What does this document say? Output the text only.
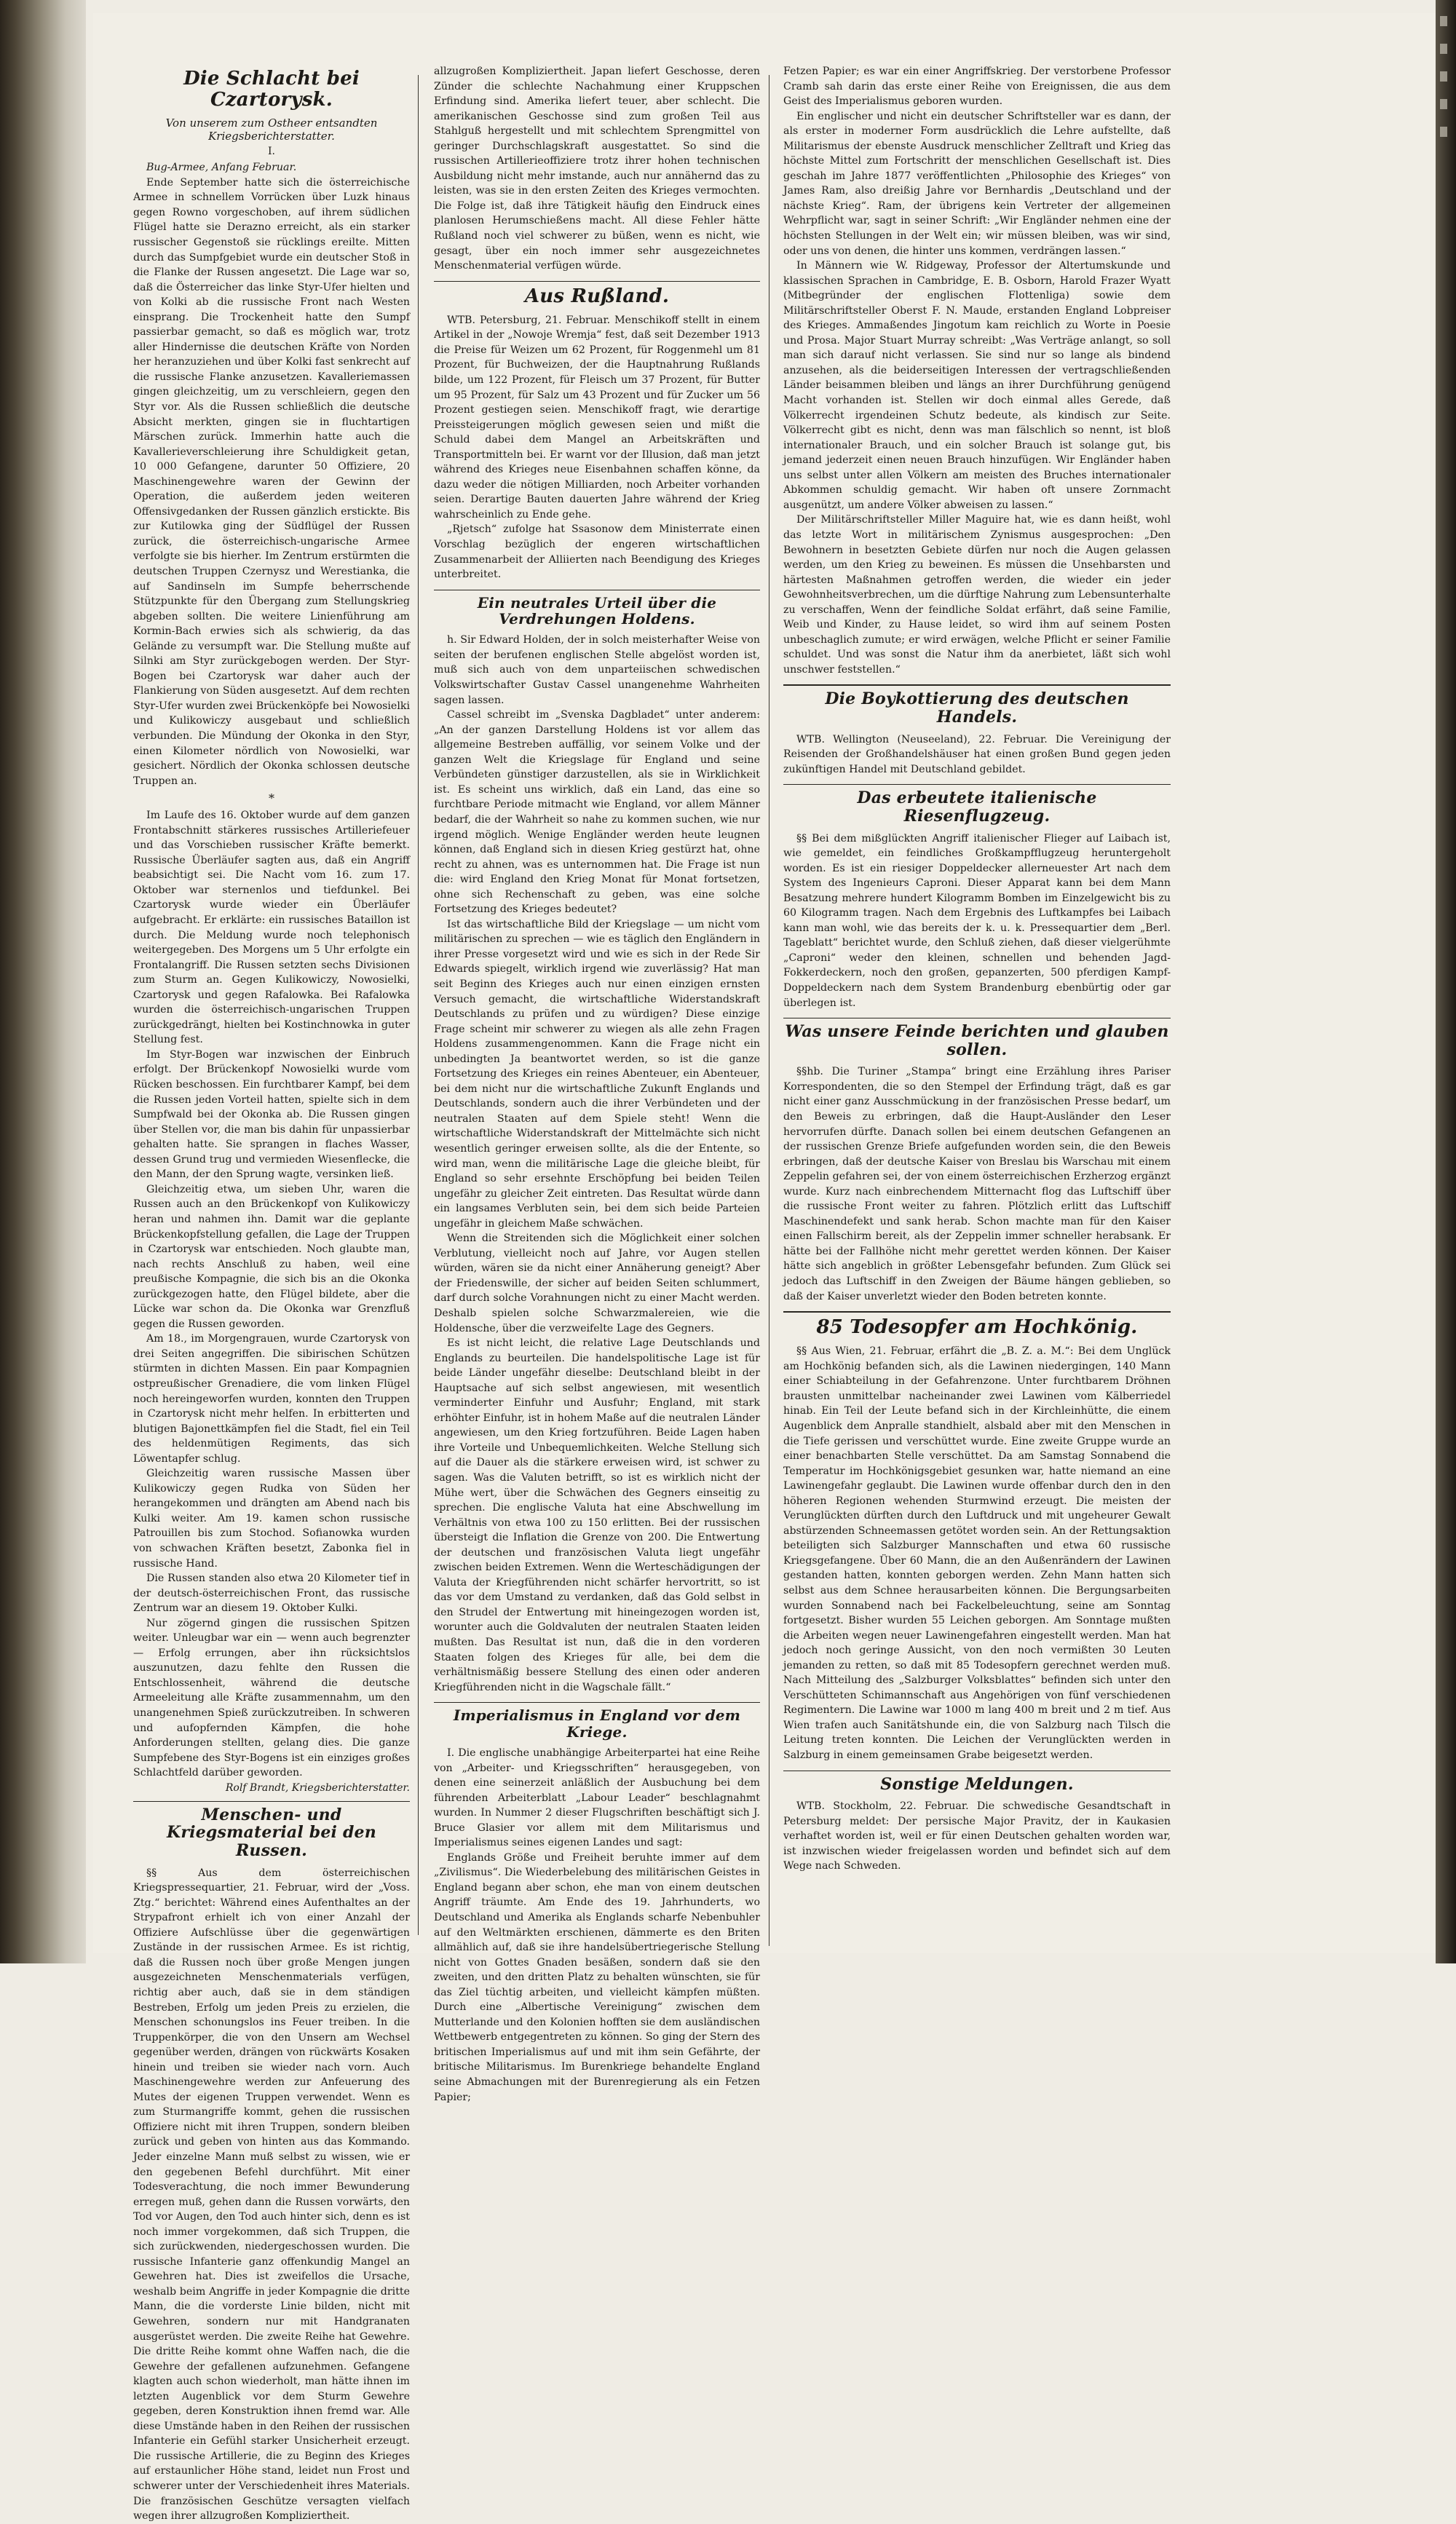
Die Schlacht bei Czartorysk.
Von unserem zum Ostheer entsandten Kriegsberichterstatter.
I.

Bug-Armee, Anfang Februar.

Ende September hatte sich die österreichische Armee in schnellem Vorrücken über Luzk hinaus gegen Rowno vorgeschoben, auf ihrem südlichen Flügel hatte sie Derazno erreicht, als ein starker russischer Gegenstoß sie rücklings ereilte. Mitten durch das Sumpfgebiet wurde ein deutscher Stoß in die Flanke der Russen angesetzt. Die Lage war so, daß die Österreicher das linke Styr-Ufer hielten und von Kolki ab die russische Front nach Westen einsprang. Die Trockenheit hatte den Sumpf passierbar gemacht, so daß es möglich war, trotz aller Hindernisse die deutschen Kräfte von Norden her heranzuziehen und über Kolki fast senkrecht auf die russische Flanke anzusetzen. Kavalleriemassen gingen gleichzeitig, um zu verschleiern, gegen den Styr vor. Als die Russen schließlich die deutsche Absicht merkten, gingen sie in fluchtartigen Märschen zurück. Immerhin hatte auch die Kavallerieverschleierung ihre Schuldigkeit getan, 10 000 Gefangene, darunter 50 Offiziere, 20 Maschinengewehre waren der Gewinn der Operation, die außerdem jeden weiteren Offensivgedanken der Russen gänzlich erstickte. Bis zur Kutilowka ging der Südflügel der Russen zurück, die österreichisch-ungarische Armee verfolgte sie bis hierher. Im Zentrum erstürmten die deutschen Truppen Czernysz und Werestianka, die auf Sandinseln im Sumpfe beherrschende Stützpunkte für den Übergang zum Stellungskrieg abgeben sollten. Die weitere Linienführung am Kormin-Bach erwies sich als schwierig, da das Gelände zu versumpft war. Die Stellung mußte auf Silnki am Styr zurückgebogen werden. Der Styr-Bogen bei Czartorysk war daher auch der Flankierung von Süden ausgesetzt. Auf dem rechten Styr-Ufer wurden zwei Brückenköpfe bei Nowosielki und Kulikowiczy ausgebaut und schließlich verbunden. Die Mündung der Okonka in den Styr, einen Kilometer nördlich von Nowosielki, war gesichert. Nördlich der Okonka schlossen deutsche Truppen an.

*

Im Laufe des 16. Oktober wurde auf dem ganzen Frontabschnitt stärkeres russisches Artilleriefeuer und das Vorschieben russischer Kräfte bemerkt. Russische Überläufer sagten aus, daß ein Angriff beabsichtigt sei. Die Nacht vom 16. zum 17. Oktober war sternenlos und tiefdunkel. Bei Czartorysk wurde wieder ein Überläufer aufgebracht. Er erklärte: ein russisches Bataillon ist durch. Die Meldung wurde noch telephonisch weitergegeben. Des Morgens um 5 Uhr erfolgte ein Frontalangriff. Die Russen setzten sechs Divisionen zum Sturm an. Gegen Kulikowiczy, Nowosielki, Czartorysk und gegen Rafalowka. Bei Rafalowka wurden die österreichisch-ungarischen Truppen zurückgedrängt, hielten bei Kostinchnowka in guter Stellung fest.

Im Styr-Bogen war inzwischen der Einbruch erfolgt. Der Brückenkopf Nowosielki wurde vom Rücken beschossen. Ein furchtbarer Kampf, bei dem die Russen jeden Vorteil hatten, spielte sich in dem Sumpfwald bei der Okonka ab. Die Russen gingen über Stellen vor, die man bis dahin für unpassierbar gehalten hatte. Sie sprangen in flaches Wasser, dessen Grund trug und vermieden Wiesenflecke, die den Mann, der den Sprung wagte, versinken ließ.

Gleichzeitig etwa, um sieben Uhr, waren die Russen auch an den Brückenkopf von Kulikowiczy heran und nahmen ihn. Damit war die geplante Brückenkopfstellung gefallen, die Lage der Truppen in Czartorysk war entschieden. Noch glaubte man, nach rechts Anschluß zu haben, weil eine preußische Kompagnie, die sich bis an die Okonka zurückgezogen hatte, den Flügel bildete, aber die Lücke war schon da. Die Okonka war Grenzfluß gegen die Russen geworden.

Am 18., im Morgengrauen, wurde Czartorysk von drei Seiten angegriffen. Die sibirischen Schützen stürmten in dichten Massen. Ein paar Kompagnien ostpreußischer Grenadiere, die vom linken Flügel noch hereingeworfen wurden, konnten den Truppen in Czartorysk nicht mehr helfen. In erbitterten und blutigen Bajonettkämpfen fiel die Stadt, fiel ein Teil des heldenmütigen Regiments, das sich Löwentapfer schlug.

Gleichzeitig waren russische Massen über Kulikowiczy gegen Rudka von Süden her herangekommen und drängten am Abend nach bis Kulki weiter. Am 19. kamen schon russische Patrouillen bis zum Stochod. Sofianowka wurden von schwachen Kräften besetzt, Zabonka fiel in russische Hand.

Die Russen standen also etwa 20 Kilometer tief in der deutsch-österreichischen Front, das russische Zentrum war an diesem 19. Oktober Kulki.

Nur zögernd gingen die russischen Spitzen weiter. Unleugbar war ein — wenn auch begrenzter — Erfolg errungen, aber ihn rücksichtslos auszunutzen, dazu fehlte den Russen die Entschlossenheit, während die deutsche Armeeleitung alle Kräfte zusammennahm, um den unangenehmen Spieß zurückzutreiben. In schweren und aufopfernden Kämpfen, die hohe Anforderungen stellten, gelang dies. Die ganze Sumpfebene des Styr-Bogens ist ein einziges großes Schlachtfeld darüber geworden.

Rolf Brandt, Kriegsberichterstatter.
Menschen- und Kriegsmaterial bei den Russen.

§§ Aus dem österreichischen Kriegspressequartier, 21. Februar, wird der „Voss. Ztg.“ berichtet: Während eines Aufenthaltes an der Strypafront erhielt ich von einer Anzahl der Offiziere Aufschlüsse über die gegenwärtigen Zustände in der russischen Armee. Es ist richtig, daß die Russen noch über große Mengen jungen ausgezeichneten Menschenmaterials verfügen, richtig aber auch, daß sie in dem ständigen Bestreben, Erfolg um jeden Preis zu erzielen, die Menschen schonungslos ins Feuer treiben. In die Truppenkörper, die von den Unsern am Wechsel gegenüber werden, drängen von rückwärts Kosaken hinein und treiben sie wieder nach vorn. Auch Maschinengewehre werden zur Anfeuerung des Mutes der eigenen Truppen verwendet. Wenn es zum Sturmangriffe kommt, gehen die russischen Offiziere nicht mit ihren Truppen, sondern bleiben zurück und geben von hinten aus das Kommando. Jeder einzelne Mann muß selbst zu wissen, wie er den gegebenen Befehl durchführt. Mit einer Todesverachtung, die noch immer Bewunderung erregen muß, gehen dann die Russen vorwärts, den Tod vor Augen, den Tod auch hinter sich, denn es ist noch immer vorgekommen, daß sich Truppen, die sich zurückwenden, niedergeschossen wurden. Die russische Infanterie ganz offenkundig Mangel an Gewehren hat. Dies ist zweifellos die Ursache, weshalb beim Angriffe in jeder Kompagnie die dritte Mann, die die vorderste Linie bilden, nicht mit Gewehren, sondern nur mit Handgranaten ausgerüstet werden. Die zweite Reihe hat Gewehre. Die dritte Reihe kommt ohne Waffen nach, die die Gewehre der gefallenen aufzunehmen. Gefangene klagten auch schon wiederholt, man hätte ihnen im letzten Augenblick vor dem Sturm Gewehre gegeben, deren Konstruktion ihnen fremd war. Alle diese Umstände haben in den Reihen der russischen Infanterie ein Gefühl starker Unsicherheit erzeugt. Die russische Artillerie, die zu Beginn des Krieges auf erstaunlicher Höhe stand, leidet nun Frost und schwerer unter der Verschiedenheit ihres Materials. Die französischen Geschütze versagten vielfach wegen ihrer allzugroßen Kompliziertheit.

allzugroßen Kompliziertheit. Japan liefert Geschosse, deren Zünder die schlechte Nachahmung einer Kruppschen Erfindung sind. Amerika liefert teuer, aber schlecht. Die amerikanischen Geschosse sind zum großen Teil aus Stahlguß hergestellt und mit schlechtem Sprengmittel von geringer Durchschlagskraft ausgestattet. So sind die russischen Artillerieoffiziere trotz ihrer hohen technischen Ausbildung nicht mehr imstande, auch nur annähernd das zu leisten, was sie in den ersten Zeiten des Krieges vermochten. Die Folge ist, daß ihre Tätigkeit häufig den Eindruck eines planlosen Herumschießens macht. All diese Fehler hätte Rußland noch viel schwerer zu büßen, wenn es nicht, wie gesagt, über ein noch immer sehr ausgezeichnetes Menschenmaterial verfügen würde.

Aus Rußland.

WTB. Petersburg, 21. Februar. Menschikoff stellt in einem Artikel in der „Nowoje Wremja“ fest, daß seit Dezember 1913 die Preise für Weizen um 62 Prozent, für Roggenmehl um 81 Prozent, für Buchweizen, der die Hauptnahrung Rußlands bilde, um 122 Prozent, für Fleisch um 37 Prozent, für Butter um 95 Prozent, für Salz um 43 Prozent und für Zucker um 56 Prozent gestiegen seien. Menschikoff fragt, wie derartige Preissteigerungen möglich gewesen seien und mißt die Schuld dabei dem Mangel an Arbeitskräften und Transportmitteln bei. Er warnt vor der Illusion, daß man jetzt während des Krieges neue Eisenbahnen schaffen könne, da dazu weder die nötigen Milliarden, noch Arbeiter vorhanden seien. Derartige Bauten dauerten Jahre während der Krieg wahrscheinlich zu Ende gehe.

„Rjetsch“ zufolge hat Ssasonow dem Ministerrate einen Vorschlag bezüglich der engeren wirtschaftlichen Zusammenarbeit der Alliierten nach Beendigung des Krieges unterbreitet.

Ein neutrales Urteil über die Verdrehungen Holdens.

h. Sir Edward Holden, der in solch meisterhafter Weise von seiten der berufenen englischen Stelle abgelöst worden ist, muß sich auch von dem unparteiischen schwedischen Volkswirtschafter Gustav Cassel unangenehme Wahrheiten sagen lassen.

Cassel schreibt im „Svenska Dagbladet“ unter anderem: „An der ganzen Darstellung Holdens ist vor allem das allgemeine Bestreben auffällig, vor seinem Volke und der ganzen Welt die Kriegslage für England und seine Verbündeten günstiger darzustellen, als sie in Wirklichkeit ist. Es scheint uns wirklich, daß ein Land, das eine so furchtbare Periode mitmacht wie England, vor allem Männer bedarf, die der Wahrheit so nahe zu kommen suchen, wie nur irgend möglich. Wenige Engländer werden heute leugnen können, daß England sich in diesen Krieg gestürzt hat, ohne recht zu ahnen, was es unternommen hat. Die Frage ist nun die: wird England den Krieg Monat für Monat fortsetzen, ohne sich Rechenschaft zu geben, was eine solche Fortsetzung des Krieges bedeutet?

Ist das wirtschaftliche Bild der Kriegslage — um nicht vom militärischen zu sprechen — wie es täglich den Engländern in ihrer Presse vorgesetzt wird und wie es sich in der Rede Sir Edwards spiegelt, wirklich irgend wie zuverlässig? Hat man seit Beginn des Krieges auch nur einen einzigen ernsten Versuch gemacht, die wirtschaftliche Widerstandskraft Deutschlands zu prüfen und zu würdigen? Diese einzige Frage scheint mir schwerer zu wiegen als alle zehn Fragen Holdens zusammengenommen. Kann die Frage nicht ein unbedingten Ja beantwortet werden, so ist die ganze Fortsetzung des Krieges ein reines Abenteuer, ein Abenteuer, bei dem nicht nur die wirtschaftliche Zukunft Englands und Deutschlands, sondern auch die ihrer Verbündeten und der neutralen Staaten auf dem Spiele steht! Wenn die wirtschaftliche Widerstandskraft der Mittelmächte sich nicht wesentlich geringer erweisen sollte, als die der Entente, so wird man, wenn die militärische Lage die gleiche bleibt, für England so sehr ersehnte Erschöpfung bei beiden Teilen ungefähr zu gleicher Zeit eintreten. Das Resultat würde dann ein langsames Verbluten sein, bei dem sich beide Parteien ungefähr in gleichem Maße schwächen.

Wenn die Streitenden sich die Möglichkeit einer solchen Verblutung, vielleicht noch auf Jahre, vor Augen stellen würden, wären sie da nicht einer Annäherung geneigt? Aber der Friedenswille, der sicher auf beiden Seiten schlummert, darf durch solche Vorahnungen nicht zu einer Macht werden. Deshalb spielen solche Schwarzmalereien, wie die Holdensche, über die verzweifelte Lage des Gegners.

Es ist nicht leicht, die relative Lage Deutschlands und Englands zu beurteilen. Die handelspolitische Lage ist für beide Länder ungefähr dieselbe: Deutschland bleibt in der Hauptsache auf sich selbst angewiesen, mit wesentlich verminderter Einfuhr und Ausfuhr; England, mit stark erhöhter Einfuhr, ist in hohem Maße auf die neutralen Länder angewiesen, um den Krieg fortzuführen. Beide Lagen haben ihre Vorteile und Unbequemlichkeiten. Welche Stellung sich auf die Dauer als die stärkere erweisen wird, ist schwer zu sagen. Was die Valuten betrifft, so ist es wirklich nicht der Mühe wert, über die Schwächen des Gegners einseitig zu sprechen. Die englische Valuta hat eine Abschwellung im Verhältnis von etwa 100 zu 150 erlitten. Bei der russischen übersteigt die Inflation die Grenze von 200. Die Entwertung der deutschen und französischen Valuta liegt ungefähr zwischen beiden Extremen. Wenn die Werteschädigungen der Valuta der Kriegführenden nicht schärfer hervortritt, so ist das vor dem Umstand zu verdanken, daß das Gold selbst in den Strudel der Entwertung mit hineingezogen worden ist, worunter auch die Goldvaluten der neutralen Staaten leiden mußten. Das Resultat ist nun, daß die in den vorderen Staaten folgen des Krieges für alle, bei dem die verhältnismäßig bessere Stellung des einen oder anderen Kriegführenden nicht in die Wagschale fällt.“

Imperialismus in England vor dem Kriege.

I. Die englische unabhängige Arbeiterpartei hat eine Reihe von „Arbeiter- und Kriegsschriften“ herausgegeben, von denen eine seinerzeit anläßlich der Ausbuchung bei dem führenden Arbeiterblatt „Labour Leader“ beschlagnahmt wurden. In Nummer 2 dieser Flugschriften beschäftigt sich J. Bruce Glasier vor allem mit dem Militarismus und Imperialismus seines eigenen Landes und sagt:

Englands Größe und Freiheit beruhte immer auf dem „Zivilismus“. Die Wiederbelebung des militärischen Geistes in England begann aber schon, ehe man von einem deutschen Angriff träumte. Am Ende des 19. Jahrhunderts, wo Deutschland und Amerika als Englands scharfe Nebenbuhler auf den Weltmärkten erschienen, dämmerte es den Briten allmählich auf, daß sie ihre handelsübertriegerische Stellung nicht von Gottes Gnaden besäßen, sondern daß sie den zweiten, und den dritten Platz zu behalten wünschten, sie für das Ziel tüchtig arbeiten, und vielleicht kämpfen müßten. Durch eine „Albertische Vereinigung“ zwischen dem Mutterlande und den Kolonien hofften sie dem ausländischen Wettbewerb entgegentreten zu können. So ging der Stern des britischen Imperialismus auf und mit ihm sein Gefährte, der britische Militarismus. Im Burenkriege behandelte England seine Abmachungen mit der Burenregierung als ein Fetzen Papier;

Fetzen Papier; es war ein einer Angriffskrieg. Der verstorbene Professor Cramb sah darin das erste einer Reihe von Ereignissen, die aus dem Geist des Imperialismus geboren wurden.

Ein englischer und nicht ein deutscher Schriftsteller war es dann, der als erster in moderner Form ausdrücklich die Lehre aufstellte, daß Militarismus der ebenste Ausdruck menschlicher Zelltraft und Krieg das höchste Mittel zum Fortschritt der menschlichen Gesellschaft ist. Dies geschah im Jahre 1877 veröffentlichten „Philosophie des Krieges“ von James Ram, also dreißig Jahre vor Bernhardis „Deutschland und der nächste Krieg“. Ram, der übrigens kein Vertreter der allgemeinen Wehrpflicht war, sagt in seiner Schrift: „Wir Engländer nehmen eine der höchsten Stellungen in der Welt ein; wir müssen bleiben, was wir sind, oder uns von denen, die hinter uns kommen, verdrängen lassen.“

In Männern wie W. Ridgeway, Professor der Altertumskunde und klassischen Sprachen in Cambridge, E. B. Osborn, Harold Frazer Wyatt (Mitbegründer der englischen Flottenliga) sowie dem Militärschriftsteller Oberst F. N. Maude, erstanden England Lobpreiser des Krieges. Ammaßendes Jingotum kam reichlich zu Worte in Poesie und Prosa. Major Stuart Murray schreibt: „Was Verträge anlangt, so soll man sich darauf nicht verlassen. Sie sind nur so lange als bindend anzusehen, als die beiderseitigen Interessen der vertragschließenden Länder beisammen bleiben und längs an ihrer Durchführung genügend Macht vorhanden ist. Stellen wir doch einmal alles Gerede, daß Völkerrecht irgendeinen Schutz bedeute, als kindisch zur Seite. Völkerrecht gibt es nicht, denn was man fälschlich so nennt, ist bloß internationaler Brauch, und ein solcher Brauch ist solange gut, bis jemand jederzeit einen neuen Brauch hinzufügen. Wir Engländer haben uns selbst unter allen Völkern am meisten des Bruches internationaler Abkommen schuldig gemacht. Wir haben oft unsere Zornmacht ausgenützt, um andere Völker abweisen zu lassen.“

Der Militärschriftsteller Miller Maguire hat, wie es dann heißt, wohl das letzte Wort in militärischem Zynismus ausgesprochen: „Den Bewohnern in besetzten Gebiete dürfen nur noch die Augen gelassen werden, um den Krieg zu beweinen. Es müssen die Unsehbarsten und härtesten Maßnahmen getroffen werden, die wieder ein jeder Gewohnheitsverbrechen, um die dürftige Nahrung zum Lebensunterhalte zu verschaffen, Wenn der feindliche Soldat erfährt, daß seine Familie, Weib und Kinder, zu Hause leidet, so wird ihm auf seinem Posten unbeschaglich zumute; er wird erwägen, welche Pflicht er seiner Familie schuldet. Und was sonst die Natur ihm da anerbietet, läßt sich wohl unschwer feststellen.“

Die Boykottierung des deutschen Handels.

WTB. Wellington (Neuseeland), 22. Februar. Die Vereinigung der Reisenden der Großhandelshäuser hat einen großen Bund gegen jeden zukünftigen Handel mit Deutschland gebildet.

Das erbeutete italienische Riesenflugzeug.

§§ Bei dem mißglückten Angriff italienischer Flieger auf Laibach ist, wie gemeldet, ein feindliches Großkampfflugzeug heruntergeholt worden. Es ist ein riesiger Doppeldecker allerneuester Art nach dem System des Ingenieurs Caproni. Dieser Apparat kann bei dem Mann Besatzung mehrere hundert Kilogramm Bomben im Einzelgewicht bis zu 60 Kilogramm tragen. Nach dem Ergebnis des Luftkampfes bei Laibach kann man wohl, wie das bereits der k. u. k. Pressequartier dem „Berl. Tageblatt“ berichtet wurde, den Schluß ziehen, daß dieser vielgerühmte „Caproni“ weder den kleinen, schnellen und behenden Jagd-Fokkerdeckern, noch den großen, gepanzerten, 500 pferdigen Kampf-Doppeldeckern nach dem System Brandenburg ebenbürtig oder gar überlegen ist.

Was unsere Feinde berichten und glauben sollen.

§§hb. Die Turiner „Stampa“ bringt eine Erzählung ihres Pariser Korrespondenten, die so den Stempel der Erfindung trägt, daß es gar nicht einer ganz Ausschmückung in der französischen Presse bedarf, um den Beweis zu erbringen, daß die Haupt-Ausländer den Leser hervorrufen dürfte. Danach sollen bei einem deutschen Gefangenen an der russischen Grenze Briefe aufgefunden worden sein, die den Beweis erbringen, daß der deutsche Kaiser von Breslau bis Warschau mit einem Zeppelin gefahren sei, der von einem österreichischen Erzherzog ergänzt wurde. Kurz nach einbrechendem Mitternacht flog das Luftschiff über die russische Front weiter zu fahren. Plötzlich erlitt das Luftschiff Maschinendefekt und sank herab. Schon machte man für den Kaiser einen Fallschirm bereit, als der Zeppelin immer schneller herabsank. Er hätte bei der Fallhöhe nicht mehr gerettet werden können. Der Kaiser hätte sich angeblich in größter Lebensgefahr befunden. Zum Glück sei jedoch das Luftschiff in den Zweigen der Bäume hängen geblieben, so daß der Kaiser unverletzt wieder den Boden betreten konnte.

85 Todesopfer am Hochkönig.

§§ Aus Wien, 21. Februar, erfährt die „B. Z. a. M.“: Bei dem Unglück am Hochkönig befanden sich, als die Lawinen niedergingen, 140 Mann einer Schiabteilung in der Gefahrenzone. Unter furchtbarem Dröhnen brausten unmittelbar nacheinander zwei Lawinen vom Kälberriedel hinab. Ein Teil der Leute befand sich in der Kirchleinhütte, die einem Augenblick dem Anpralle standhielt, alsbald aber mit den Menschen in die Tiefe gerissen und verschüttet wurde. Eine zweite Gruppe wurde an einer benachbarten Stelle verschüttet. Da am Samstag Sonnabend die Temperatur im Hochkönigsgebiet gesunken war, hatte niemand an eine Lawinengefahr geglaubt. Die Lawinen wurde offenbar durch den in den höheren Regionen wehenden Sturmwind erzeugt. Die meisten der Verunglückten dürften durch den Luftdruck und mit ungeheurer Gewalt abstürzenden Schneemassen getötet worden sein. An der Rettungsaktion beteiligten sich Salzburger Mannschaften und etwa 60 russische Kriegsgefangene. Über 60 Mann, die an den Außenrändern der Lawinen gestanden hatten, konnten geborgen werden. Zehn Mann hatten sich selbst aus dem Schnee herausarbeiten können. Die Bergungsarbeiten wurden Sonnabend nach bei Fackelbeleuchtung, seine am Sonntag fortgesetzt. Bisher wurden 55 Leichen geborgen. Am Sonntage mußten die Arbeiten wegen neuer Lawinengefahren eingestellt werden. Man hat jedoch noch geringe Aussicht, von den noch vermißten 30 Leuten jemanden zu retten, so daß mit 85 Todesopfern gerechnet werden muß. Nach Mitteilung des „Salzburger Volksblattes“ befinden sich unter den Verschütteten Schimannschaft aus Angehörigen von fünf verschiedenen Regimentern. Die Lawine war 1000 m lang 400 m breit und 2 m tief. Aus Wien trafen auch Sanitätshunde ein, die von Salzburg nach Tilsch die Leitung treten konnten. Die Leichen der Verunglückten werden in Salzburg in einem gemeinsamen Grabe beigesetzt werden.

Sonstige Meldungen.

WTB. Stockholm, 22. Februar. Die schwedische Gesandtschaft in Petersburg meldet: Der persische Major Pravitz, der in Kaukasien verhaftet worden ist, weil er für einen Deutschen gehalten worden war, ist inzwischen wieder freigelassen worden und befindet sich auf dem Wege nach Schweden.
